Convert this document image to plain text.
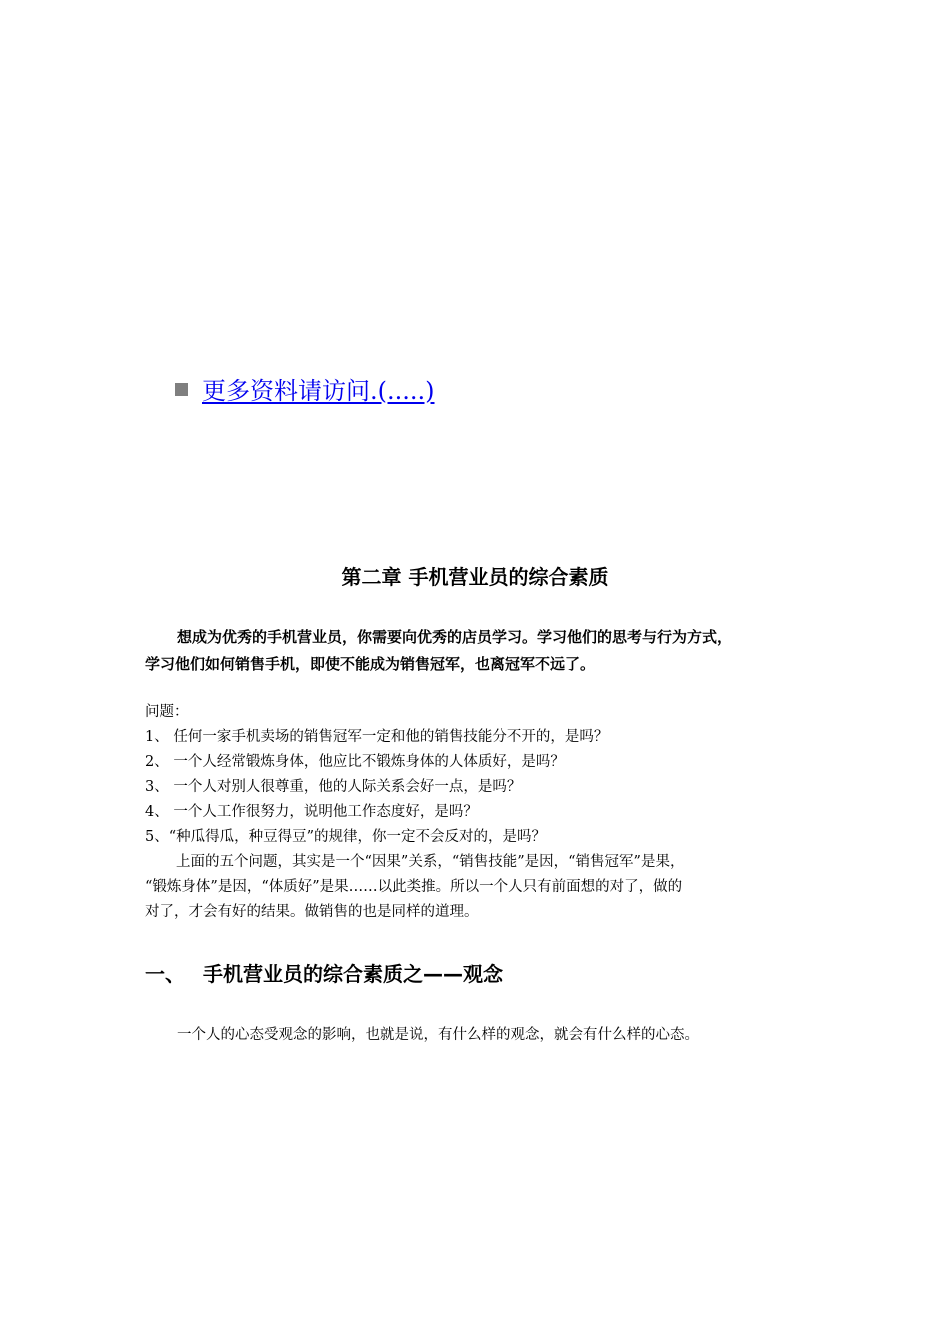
更多资料请访问.(.....)
第二章 手机营业员的综合素质

想成为优秀的手机营业员，你需要向优秀的店员学习。学习他们的思考与行为方式，

学习他们如何销售手机，即使不能成为销售冠军，也离冠军不远了。

问题：

1、 任何一家手机卖场的销售冠军一定和他的销售技能分不开的，是吗？

2、 一个人经常锻炼身体，他应比不锻炼身体的人体质好，是吗？

3、 一个人对别人很尊重，他的人际关系会好一点，是吗？

4、 一个人工作很努力，说明他工作态度好，是吗？

5、“种瓜得瓜，种豆得豆”的规律，你一定不会反对的，是吗？

上面的五个问题，其实是一个“因果”关系，“销售技能”是因，“销售冠军”是果，

“锻炼身体”是因，“体质好”是果……以此类推。所以一个人只有前面想的对了，做的

对了，才会有好的结果。做销售的也是同样的道理。

一、 手机营业员的综合素质之——观念
一个人的心态受观念的影响，也就是说，有什么样的观念，就会有什么样的心态。
